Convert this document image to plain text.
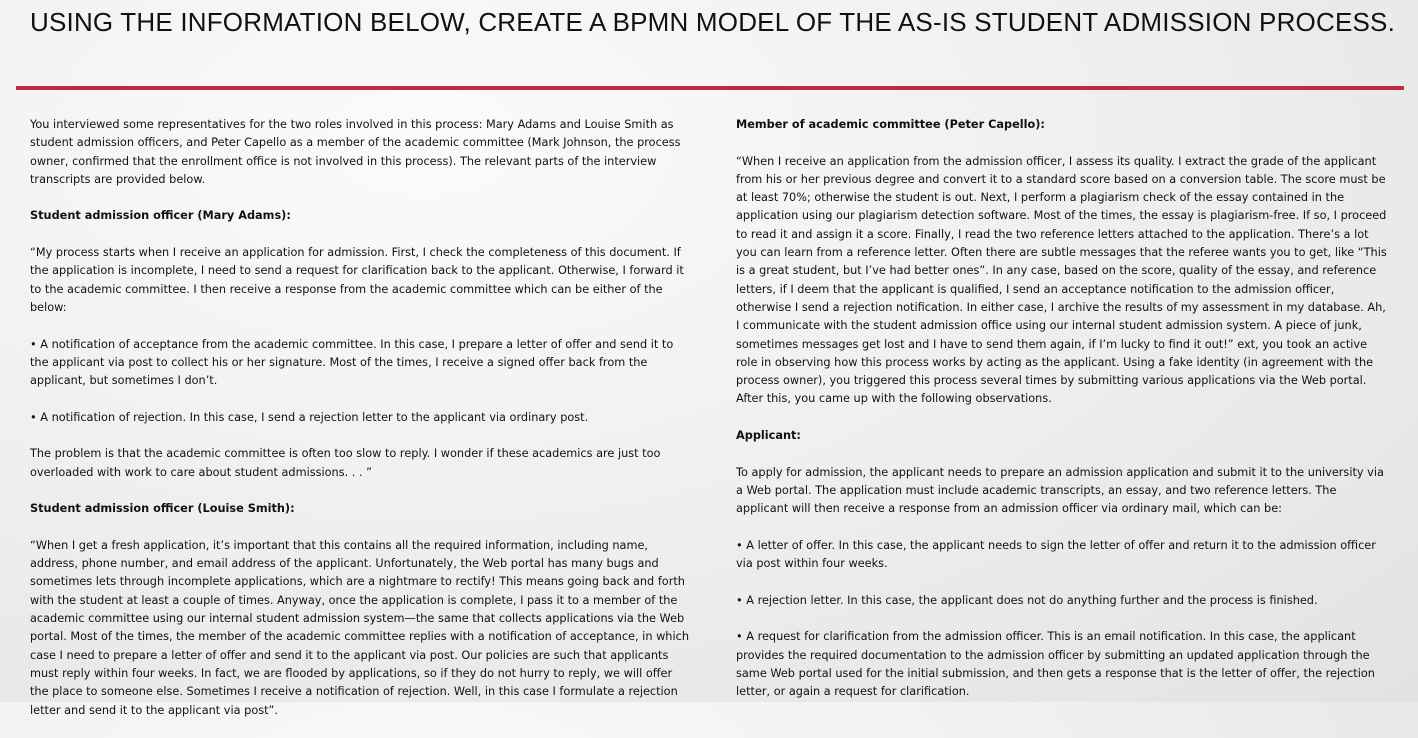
USING THE INFORMATION BELOW, CREATE A BPMN MODEL OF THE AS-IS STUDENT ADMISSION PROCESS.

You interviewed some representatives for the two roles involved in this process: Mary Adams and Louise Smith as student admission officers, and Peter Capello as a member of the academic committee (Mark Johnson, the process owner, confirmed that the enrollment office is not involved in this process). The relevant parts of the interview transcripts are provided below.

Student admission officer (Mary Adams):

“My process starts when I receive an application for admission. First, I check the completeness of this document. If the application is incomplete, I need to send a request for clarification back to the applicant. Otherwise, I forward it to the academic committee. I then receive a response from the academic committee which can be either of the below:

• A notification of acceptance from the academic committee. In this case, I prepare a letter of offer and send it to the applicant via post to collect his or her signature. Most of the times, I receive a signed offer back from the applicant, but sometimes I don’t.

• A notification of rejection. In this case, I send a rejection letter to the applicant via ordinary post.

The problem is that the academic committee is often too slow to reply. I wonder if these academics are just too overloaded with work to care about student admissions. . . ”

Student admission officer (Louise Smith):

“When I get a fresh application, it’s important that this contains all the required information, including name, address, phone number, and email address of the applicant. Unfortunately, the Web portal has many bugs and sometimes lets through incomplete applications, which are a nightmare to rectify! This means going back and forth with the student at least a couple of times. Anyway, once the application is complete, I pass it to a member of the academic committee using our internal student admission system—the same that collects applications via the Web portal. Most of the times, the member of the academic committee replies with a notification of acceptance, in which case I need to prepare a letter of offer and send it to the applicant via post. Our policies are such that applicants must reply within four weeks. In fact, we are flooded by applications, so if they do not hurry to reply, we will offer the place to someone else. Sometimes I receive a notification of rejection. Well, in this case I formulate a rejection letter and send it to the applicant via post”.

Member of academic committee (Peter Capello):

“When I receive an application from the admission officer, I assess its quality. I extract the grade of the applicant from his or her previous degree and convert it to a standard score based on a conversion table. The score must be at least 70%; otherwise the student is out. Next, I perform a plagiarism check of the essay contained in the application using our plagiarism detection software. Most of the times, the essay is plagiarism-free. If so, I proceed to read it and assign it a score. Finally, I read the two reference letters attached to the application. There’s a lot you can learn from a reference letter. Often there are subtle messages that the referee wants you to get, like “This is a great student, but I’ve had better ones”. In any case, based on the score, quality of the essay, and reference letters, if I deem that the applicant is qualified, I send an acceptance notification to the admission officer, otherwise I send a rejection notification. In either case, I archive the results of my assessment in my database. Ah, I communicate with the student admission office using our internal student admission system. A piece of junk, sometimes messages get lost and I have to send them again, if I’m lucky to find it out!” ext, you took an active role in observing how this process works by acting as the applicant. Using a fake identity (in agreement with the process owner), you triggered this process several times by submitting various applications via the Web portal. After this, you came up with the following observations.

Applicant:

To apply for admission, the applicant needs to prepare an admission application and submit it to the university via a Web portal. The application must include academic transcripts, an essay, and two reference letters. The applicant will then receive a response from an admission officer via ordinary mail, which can be:

• A letter of offer. In this case, the applicant needs to sign the letter of offer and return it to the admission officer via post within four weeks.

• A rejection letter. In this case, the applicant does not do anything further and the process is finished.

• A request for clarification from the admission officer. This is an email notification. In this case, the applicant provides the required documentation to the admission officer by submitting an updated application through the same Web portal used for the initial submission, and then gets a response that is the letter of offer, the rejection letter, or again a request for clarification.
